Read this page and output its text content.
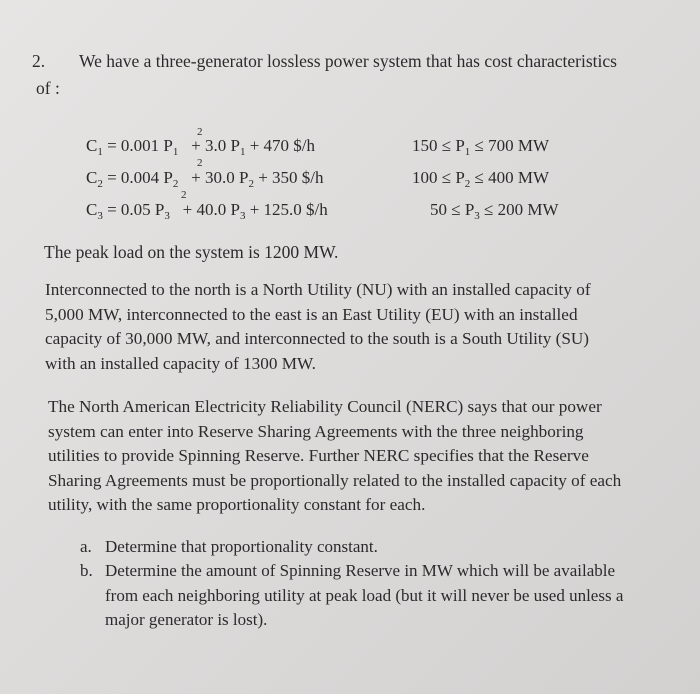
2. We have a three-generator lossless power system that has cost characteristics
of :
2
$C_1 = 0.001$ $P_1 + 3.0$ $P_1 + 470$ $/h	$150 \le P_1 \le 700$ MW
2
$C_2 = 0.004$ $P_2 + 30.0$ $P_2 + 350$ $/h	$100 \le P_2 \le 400$ MW
2
$C_3 = 0.05$ $P_3 + 40.0$ $P_3 + 125.0$ $/h	$50 \le P_3 \le 200$ MW
The peak load on the system is 1200 MW.
Interconnected to the north is a North Utility (NU) with an installed capacity of
5,000 MW, interconnected to the east is an East Utility (EU) with an installed
capacity of 30,000 MW, and interconnected to the south is a South Utility (SU)
with an installed capacity of 1300 MW.
The North American Electricity Reliability Council (NERC) says that our power
system can enter into Reserve Sharing Agreements with the three neighboring
utilities to provide Spinning Reserve. Further NERC specifies that the Reserve
Sharing Agreements must be proportionally related to the installed capacity of each
utility, with the same proportionality constant for each.
a. Determine that proportionality constant.
b. Determine the amount of Spinning Reserve in MW which will be available
from each neighboring utility at peak load (but it will never be used unless a
major generator is lost).
